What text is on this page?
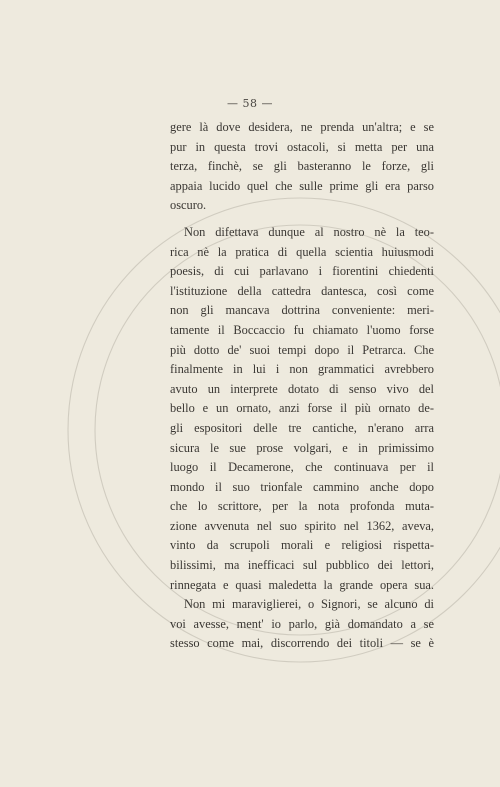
— 58 —
gere là dove desidera, ne prenda un'altra; e se
pur in questa trovi ostacoli, si metta per una
terza, finchè, se gli basteranno le forze, gli
appaia lucido quel che sulle prime gli era parso
oscuro.
Non difettava dunque al nostro nè la teo-
rica nè la pratica di quella scientia huiusmodi
poesis, di cui parlavano i fiorentini chiedenti
l'istituzione della cattedra dantesca, così come
non gli mancava dottrina conveniente: meri-
tamente il Boccaccio fu chiamato l'uomo forse
più dotto de' suoi tempi dopo il Petrarca. Che
finalmente in lui i non grammatici avrebbero
avuto un interprete dotato di senso vivo del
bello e un ornato, anzi forse il più ornato de-
gli espositori delle tre cantiche, n'erano arra
sicura le sue prose volgari, e in primissimo
luogo il Decamerone, che continuava per il
mondo il suo trionfale cammino anche dopo
che lo scrittore, per la nota profonda muta-
zione avvenuta nel suo spirito nel 1362, aveva,
vinto da scrupoli morali e religiosi rispetta-
bilissimi, ma inefficaci sul pubblico dei lettori,
rinnegata e quasi maledetta la grande opera sua.
Non mi maraviglierei, o Signori, se alcuno di
voi avesse, ment' io parlo, già domandato a se
stesso come mai, discorrendo dei titoli — se è
